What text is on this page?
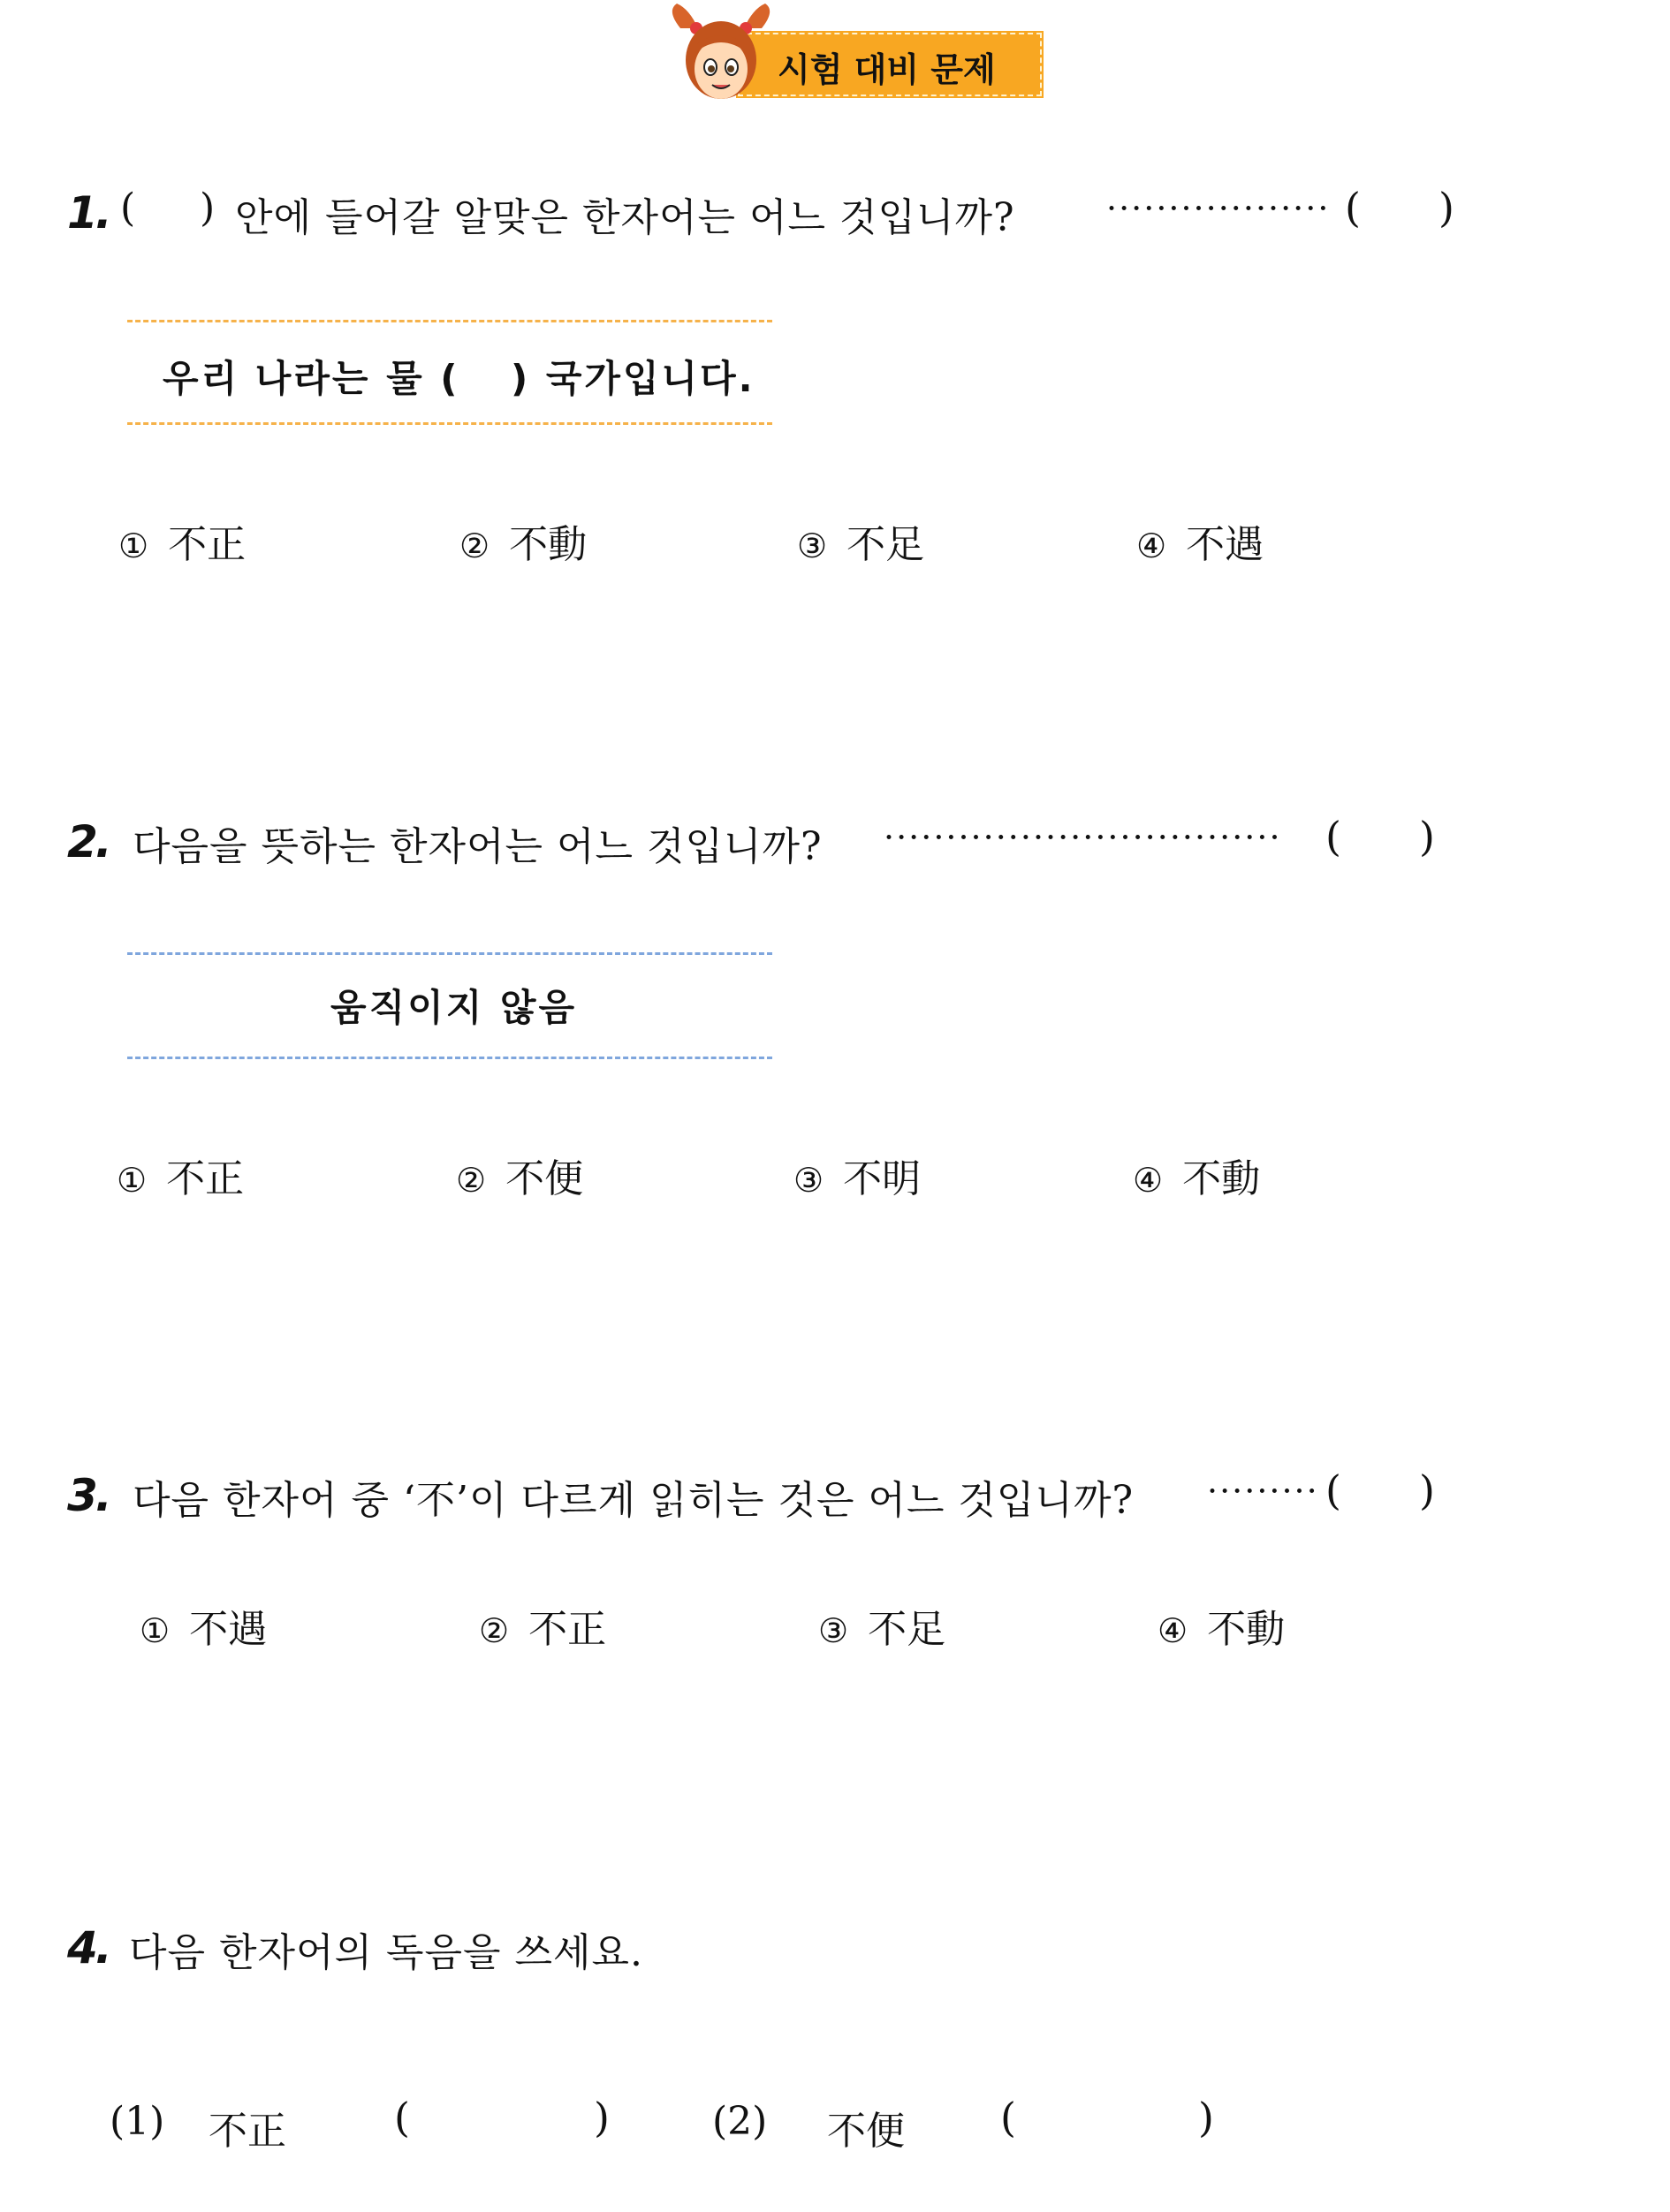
시험 대비 문제
1. ( ) 안에 들어갈 알맞은 한자어는 어느 것입니까?	·················· ( )
우리 나라는 물 ( ) 국가입니다.
① 不正	② 不動	③ 不足	④ 不遇
2. 다음을 뜻하는 한자어는 어느 것입니까? ································ ( )
움직이지 않음
① 不正	② 不便	③ 不明	④ 不動
3. 다음 한자어 중 ‘不’이 다르게 읽히는 것은 어느 것입니까? ········· ( )
① 不遇	② 不正	③ 不足	④ 不動
4. 다음 한자어의 독음을 쓰세요.
(1) 不正	(	)	(2) 不便 (	)
